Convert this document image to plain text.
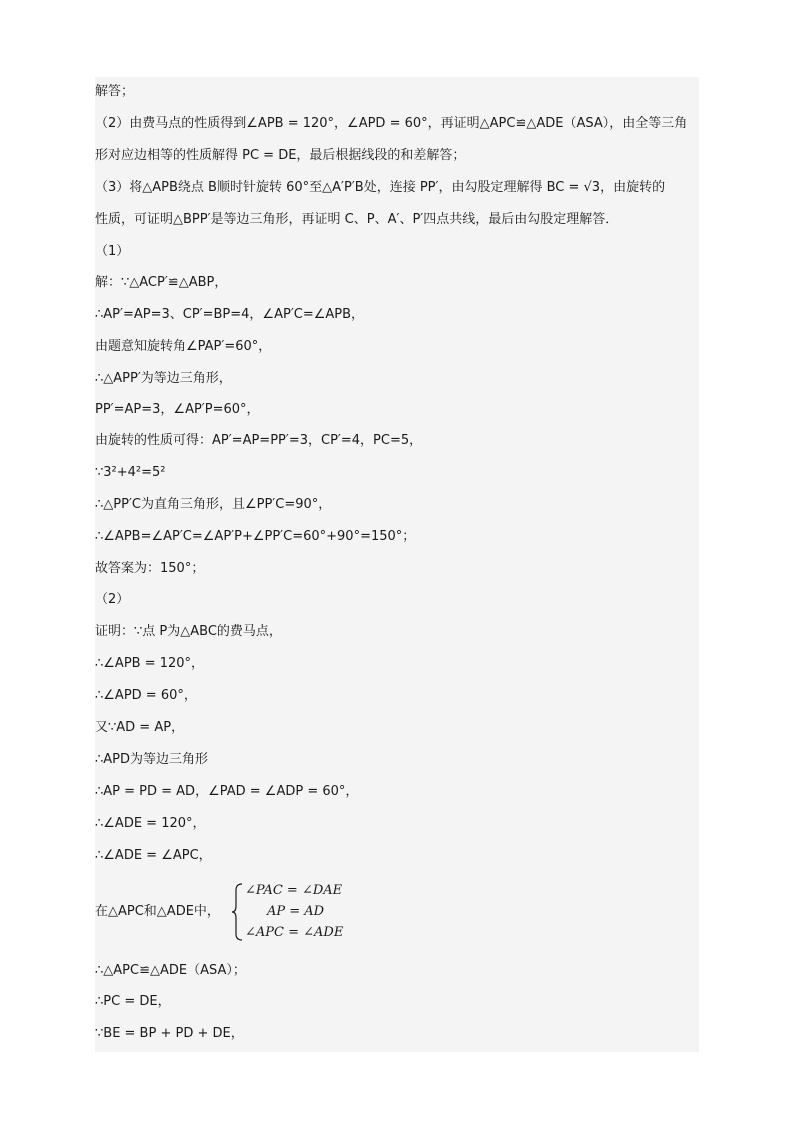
解答；
（2）由费马点的性质得到∠APB = 120°，∠APD = 60°，再证明△APC≌△ADE（ASA），由全等三角
形对应边相等的性质解得 PC = DE，最后根据线段的和差解答；
（3）将△APB绕点 B顺时针旋转 60°至△A′P′B处，连接 PP′，由勾股定理解得 BC = √3，由旋转的
性质，可证明△BPP′是等边三角形，再证明 C、P、A′、P′四点共线，最后由勾股定理解答．
（1）
解：∵△ACP′≌△ABP，
∴AP′=AP=3、CP′=BP=4，∠AP′C=∠APB，
由题意知旋转角∠PAP′=60°，
∴△APP′为等边三角形，
PP′=AP=3，∠AP′P=60°，
由旋转的性质可得：AP′=AP=PP′=3，CP′=4，PC=5，
∵3²+4²=5²
∴△PP′C为直角三角形，且∠PP′C=90°，
∴∠APB=∠AP′C=∠AP′P+∠PP′C=60°+90°=150°；
故答案为：150°；
（2）
证明：∵点 P为△ABC的费马点，
∴∠APB = 120°，
∴∠APD = 60°，
又∵AD = AP，
∴APD为等边三角形
∴AP = PD = AD，∠PAD = ∠ADP = 60°，
∴∠ADE = 120°，
∴∠ADE = ∠APC，
在△APC和△ADE中，
∠PAC = ∠DAE
AP = AD
∠APC = ∠ADE
∴△APC≌△ADE（ASA）；
∴PC = DE，
∵BE = BP + PD + DE，
